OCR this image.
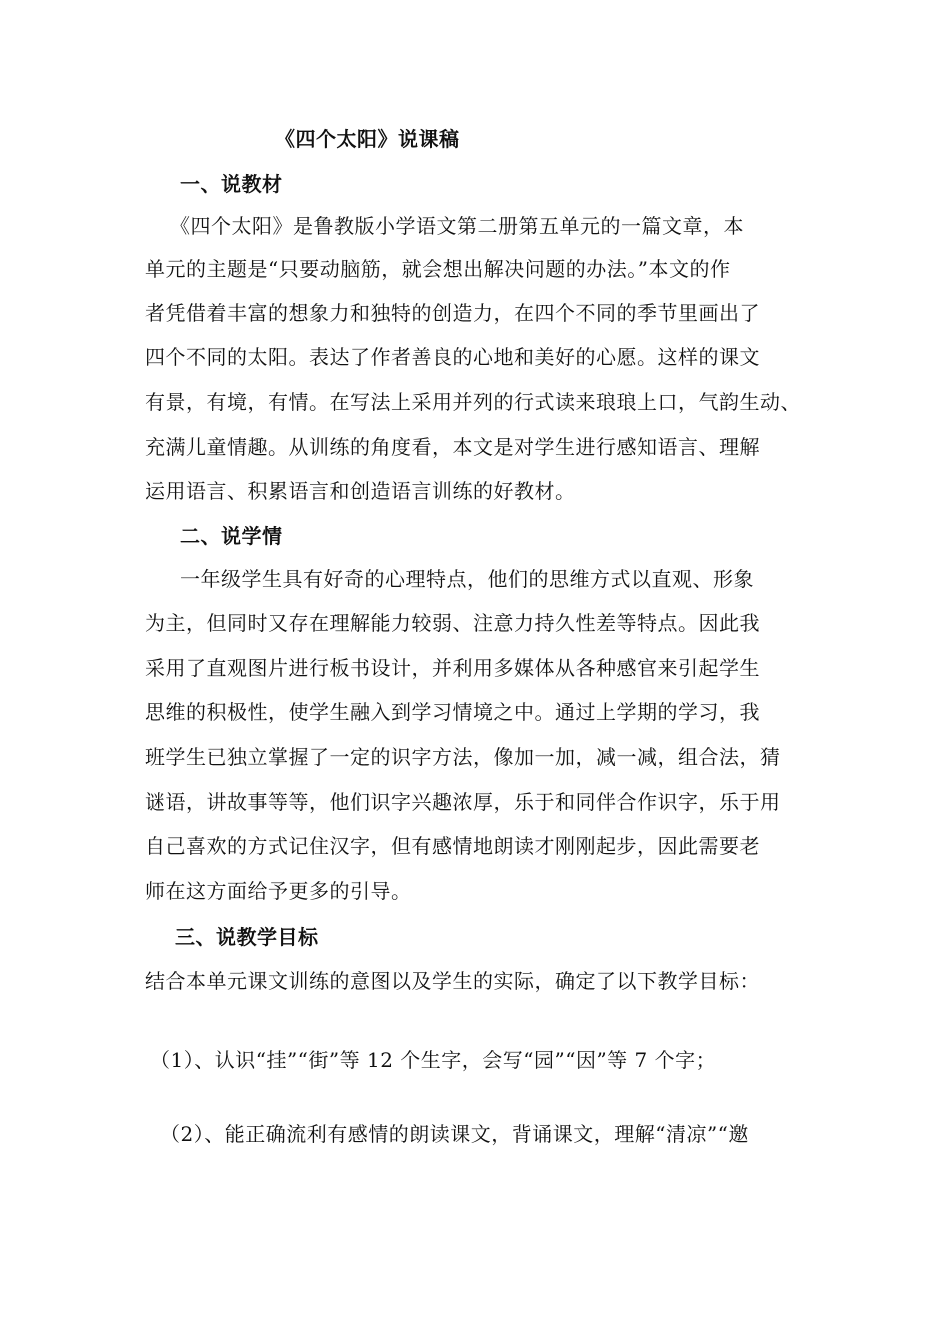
《四个太阳》说课稿
一、说教材
《四个太阳》是鲁教版小学语文第二册第五单元的一篇文章，本
单元的主题是“只要动脑筋，就会想出解决问题的办法。”本文的作
者凭借着丰富的想象力和独特的创造力，在四个不同的季节里画出了
四个不同的太阳。表达了作者善良的心地和美好的心愿。这样的课文
有景，有境，有情。在写法上采用并列的行式读来琅琅上口，气韵生动、
充满儿童情趣。从训练的角度看，本文是对学生进行感知语言、理解
运用语言、积累语言和创造语言训练的好教材。
二、说学情
一年级学生具有好奇的心理特点，他们的思维方式以直观、形象
为主，但同时又存在理解能力较弱、注意力持久性差等特点。因此我
采用了直观图片进行板书设计，并利用多媒体从各种感官来引起学生
思维的积极性，使学生融入到学习情境之中。通过上学期的学习，我
班学生已独立掌握了一定的识字方法，像加一加，减一减，组合法，猜
谜语，讲故事等等，他们识字兴趣浓厚，乐于和同伴合作识字，乐于用
自己喜欢的方式记住汉字，但有感情地朗读才刚刚起步，因此需要老
师在这方面给予更多的引导。
三、说教学目标
结合本单元课文训练的意图以及学生的实际，确定了以下教学目标：
（1）、认识“挂”“街”等 12 个生字，会写“园”“因”等 7 个字；
（2）、能正确流利有感情的朗读课文，背诵课文，理解“清凉”“邀
